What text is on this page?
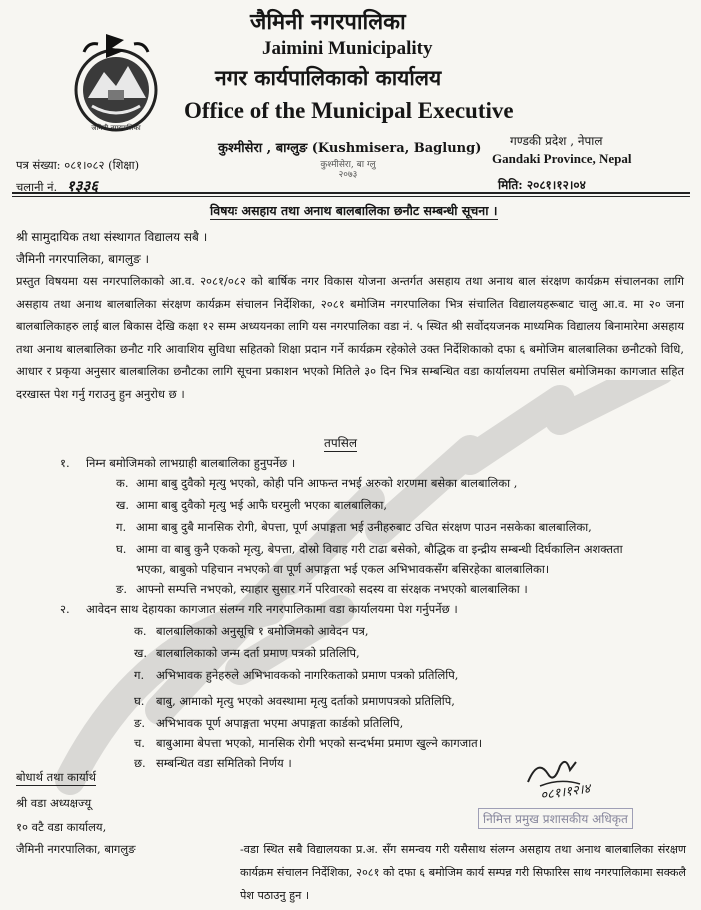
जैमिनी नगरपालिका
जैमिनी नगरपालिका
Jaimini Municipality
नगर कार्यपालिकाको कार्यालय
Office of the Municipal Executive
कुश्मीसेरा , बाग्लुङ (Kushmisera, Baglung) गण्डकी प्रदेश , नेपाल
Gandaki Province, Nepal
कुश्मीसेरा, बा ग्लु २०७३
पत्र संख्या: ०८१।०८२ (शिक्षा)
चलानी नं. १३३६	मिति: २०८१।१२।०४
विषयः असहाय तथा अनाथ बालबालिका छनौट सम्बन्धी सूचना ।
श्री सामुदायिक तथा संस्थागत विद्यालय सबै ।
जैमिनी नगरपालिका, बागलुङ ।
प्रस्तुत विषयमा यस नगरपालिकाको आ.व. २०८१/०८२ को बार्षिक नगर विकास योजना अन्तर्गत असहाय तथा अनाथ बाल संरक्षण कार्यक्रम संचालनका लागि असहाय तथा अनाथ बालबालिका संरक्षण कार्यक्रम संचालन निर्देशिका, २०८१ बमोजिम नगरपालिका भित्र संचालित विद्यालयहरूबाट चालु आ.व. मा २० जना बालबालिकाहरु लाई बाल बिकास देखि कक्षा १२ सम्म अध्ययनका लागि यस नगरपालिका वडा नं. ५ स्थित श्री सर्वोदयजनक माध्यमिक विद्यालय बिनामारेमा असहाय तथा अनाथ बालबालिका छनौट गरि आवाशिय सुविधा सहितको शिक्षा प्रदान गर्ने कार्यक्रम रहेकोले उक्त निर्देशिकाको दफा ६ बमोजिम बालबालिका छनौटको विधि, आधार र प्रकृया अनुसार बालबालिका छनौटका लागि सूचना प्रकाशन भएको मितिले ३० दिन भित्र सम्बन्धित वडा कार्यालयमा तपसिल बमोजिमका कागजात सहित दरखास्त पेश गर्नु गराउनु हुन अनुरोध छ ।
तपसिल
१. निम्न बमोजिमको लाभग्राही बालबालिका हुनुपर्नेछ ।
क. आमा बाबु दुवैको मृत्यु भएको, कोही पनि आफन्त नभई अरुको शरणमा बसेका बालबालिका ,
ख. आमा बाबु दुवैको मृत्यु भई आफै घरमुली भएका बालबालिका,
ग. आमा बाबु दुबै मानसिक रोगी, बेपत्ता, पूर्ण अपाङ्गता भई उनीहरुबाट उचित संरक्षण पाउन नसकेका बालबालिका,
घ. आमा वा बाबु कुनै एकको मृत्यु, बेपत्ता, दोस्रो विवाह गरी टाढा बसेको, बौद्धिक वा इन्द्रीय सम्बन्धी दिर्घकालिन अशक्तता
भएका, बाबुको पहिचान नभएको वा पूर्ण अपाङ्गता भई एकल अभिभावकसँग बसिरहेका बालबालिका।
ङ. आफ्नो सम्पत्ति नभएको, स्याहार सुसार गर्ने परिवारको सदस्य वा संरक्षक नभएको बालबालिका ।
२. आवेदन साथ देहायका कागजात संलग्न गरि नगरपालिकामा वडा कार्यालयमा पेश गर्नुपर्नेछ ।
क. बालबालिकाको अनुसूचि १ बमोजिमको आवेदन पत्र,
ख. बालबालिकाको जन्म दर्ता प्रमाण पत्रको प्रतिलिपि,
ग. अभिभावक हुनेहरुले अभिभावकको नागरिकताको प्रमाण पत्रको प्रतिलिपि,
घ. बाबु, आमाको मृत्यु भएको अवस्थामा मृत्यु दर्ताको प्रमाणपत्रको प्रतिलिपि,
ङ. अभिभावक पूर्ण अपाङ्गता भएमा अपाङ्गता कार्डको प्रतिलिपि,
च. बाबुआमा बेपत्ता भएको, मानसिक रोगी भएको सन्दर्भमा प्रमाण खुल्ने कागजात।
छ. सम्बन्धित वडा समितिको निर्णय ।
बोधार्थ तथा कार्यार्थ
श्री वडा अध्यक्षज्यू
१० वटै वडा कार्यालय,
जैमिनी नगरपालिका, बागलुङ	-वडा स्थित सबै विद्यालयका प्र.अ. सँग समन्वय गरी यसैसाथ संलग्न असहाय तथा अनाथ बालबालिका संरक्षण कार्यक्रम संचालन निर्देशिका, २०८१ को दफा ६ बमोजिम कार्य सम्पन्न गरी सिफारिस साथ नगरपालिकामा सक्कलै पेश पठाउनु हुन ।
०८१।१२।४
निमित्त प्रमुख प्रशासकीय अधिकृत
